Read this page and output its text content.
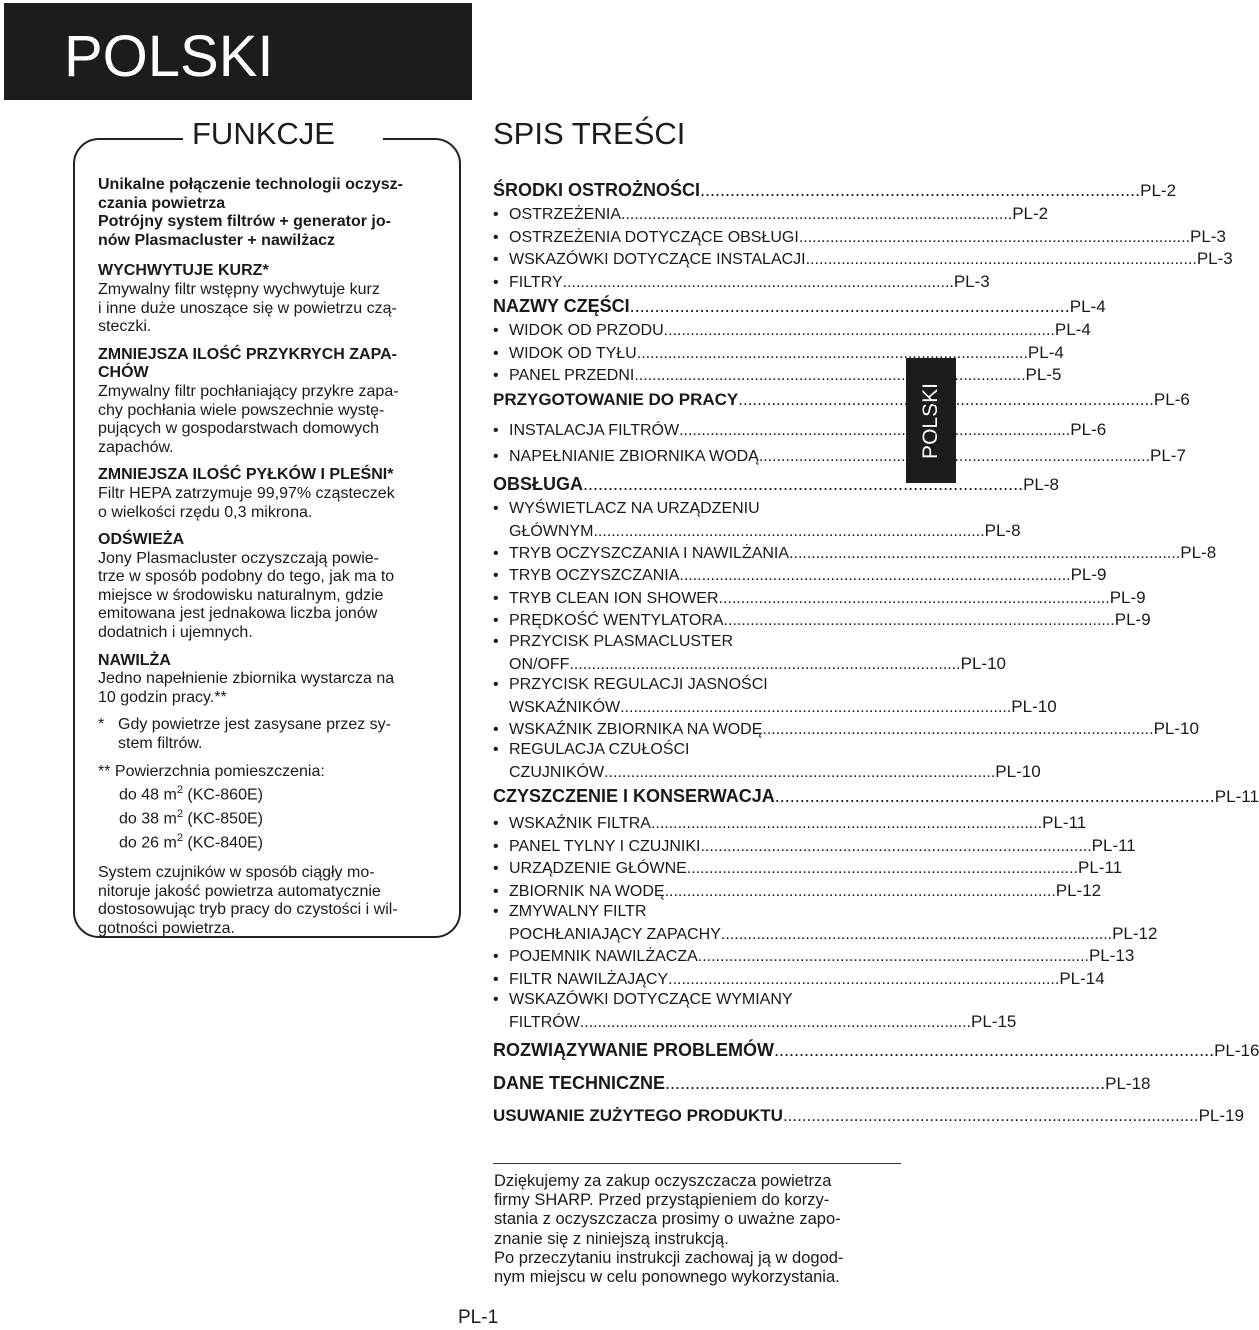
POLSKI
POLSKI
FUNKCJE

Unikalne połączenie technologii oczysz-
czania powietrza
Potrójny system filtrów + generator jo-
nów Plasmacluster + nawilżacz

WYCHWYTUJE KURZ*

Zmywalny filtr wstępny wychwytuje kurz
i inne duże unoszące się w powietrzu czą-
steczki.

ZMNIEJSZA ILOŚĆ PRZYKRYCH ZAPA-
CHÓW

Zmywalny filtr pochłaniający przykre zapa-
chy pochłania wiele powszechnie wystę-
pujących w gospodarstwach domowych
zapachów.

ZMNIEJSZA ILOŚĆ PYŁKÓW I PLEŚNI*

Filtr HEPA zatrzymuje 99,97% cząsteczek
o wielkości rzędu 0,3 mikrona.

ODŚWIEŻA

Jony Plasmacluster oczyszczają powie-
trze w sposób podobny do tego, jak ma to
miejsce w środowisku naturalnym, gdzie
emitowana jest jednakowa liczba jonów
dodatnich i ujemnych.

NAWILŻA

Jedno napełnienie zbiornika wystarcza na
10 godzin pracy.**

* Gdy powietrze jest zasysane przez sy-
stem filtrów.

** Powierzchnia pomieszczenia:

do 48 $m^2$ (KC-860E)

do 38 $m^2$ (KC-850E)

do 26 $m^2$ (KC-840E)

System czujników w sposób ciągły mo-
nitoruje jakość powietrza automatycznie
dostosowując tryb pracy do czystości i wil-
gotności powietrza.

SPIS TREŚCI
ŚRODKI OSTROŻNOŚCI ........................................................................................ PL-2
• OSTRZEŻENIA ........................................................................................ PL-2
• OSTRZEŻENIA DOTYCZĄCE OBSŁUGI ........................................................................................ PL-3
• WSKAZÓWKI DOTYCZĄCE INSTALACJI ........................................................................................ PL-3
• FILTRY ........................................................................................ PL-3
NAZWY CZĘŚCI ........................................................................................ PL-4
• WIDOK OD PRZODU ........................................................................................ PL-4
• WIDOK OD TYŁU ........................................................................................ PL-4
• PANEL PRZEDNI ........................................................................................ PL-5
PRZYGOTOWANIE DO PRACY ........................................................................................ PL-6
• INSTALACJA FILTRÓW ........................................................................................ PL-6
• NAPEŁNIANIE ZBIORNIKA WODĄ ........................................................................................ PL-7
OBSŁUGA ........................................................................................ PL-8
• WYŚWIETLACZ NA URZĄDZENIU
GŁÓWNYM ........................................................................................ PL-8
• TRYB OCZYSZCZANIA I NAWILŻANIA ........................................................................................ PL-8
• TRYB OCZYSZCZANIA ........................................................................................ PL-9
• TRYB CLEAN ION SHOWER ........................................................................................ PL-9
• PRĘDKOŚĆ WENTYLATORA ........................................................................................ PL-9
• PRZYCISK PLASMACLUSTER
ON/OFF ........................................................................................ PL-10
• PRZYCISK REGULACJI JASNOŚCI
WSKAŹNIKÓW ........................................................................................ PL-10
• WSKAŹNIK ZBIORNIKA NA WODĘ ........................................................................................ PL-10
• REGULACJA CZUŁOŚCI
CZUJNIKÓW ........................................................................................ PL-10
CZYSZCZENIE I KONSERWACJA ........................................................................................ PL-11
• WSKAŹNIK FILTRA ........................................................................................ PL-11
• PANEL TYLNY I CZUJNIKI ........................................................................................ PL-11
• URZĄDZENIE GŁÓWNE ........................................................................................ PL-11
• ZBIORNIK NA WODĘ ........................................................................................ PL-12
• ZMYWALNY FILTR
POCHŁANIAJĄCY ZAPACHY ........................................................................................ PL-12
• POJEMNIK NAWILŻACZA ........................................................................................ PL-13
• FILTR NAWILŻAJĄCY ........................................................................................ PL-14
• WSKAZÓWKI DOTYCZĄCE WYMIANY
FILTRÓW ........................................................................................ PL-15
ROZWIĄZYWANIE PROBLEMÓW ........................................................................................ PL-16
DANE TECHNICZNE ........................................................................................ PL-18
USUWANIE ZUŻYTEGO PRODUKTU ........................................................................................ PL-19

Dziękujemy za zakup oczyszczacza powietrza
firmy SHARP. Przed przystąpieniem do korzy-
stania z oczyszczacza prosimy o uważne zapo-
znanie się z niniejszą instrukcją.
Po przeczytaniu instrukcji zachowaj ją w dogod-
nym miejscu w celu ponownego wykorzystania.

PL-1
